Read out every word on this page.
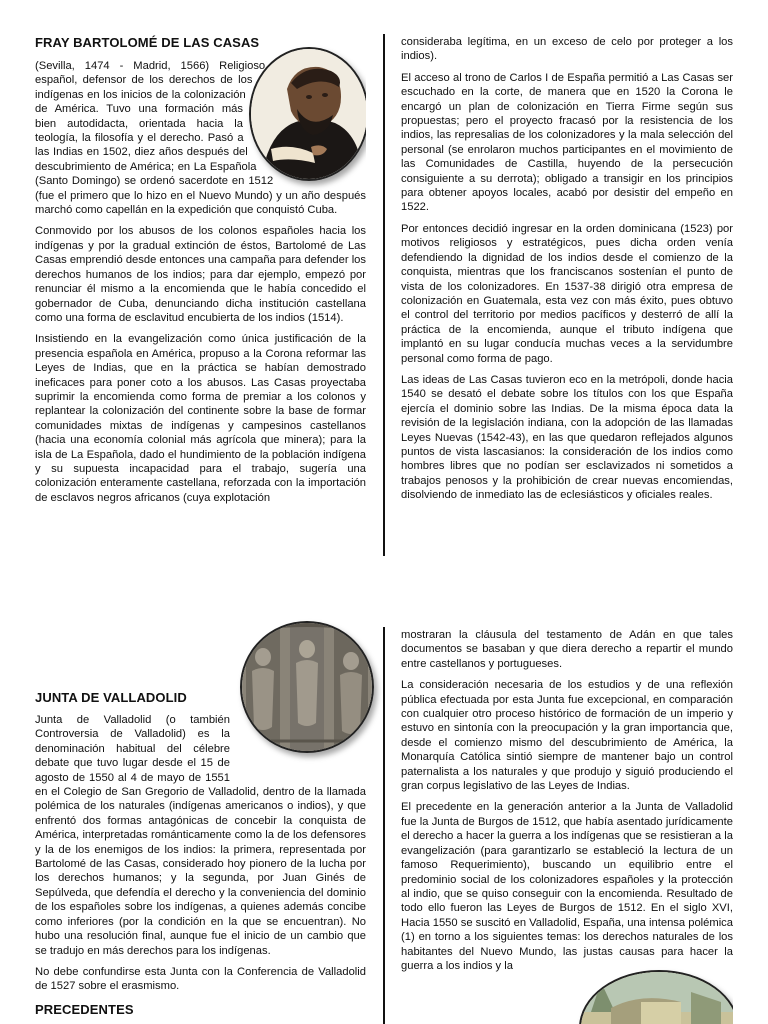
FRAY BARTOLOMÉ DE LAS CASAS

(Sevilla, 1474 - Madrid, 1566) Religioso español, defensor de los derechos de los indígenas en los inicios de la colonización de América. Tuvo una formación más bien autodidacta, orientada hacia la teología, la filosofía y el derecho. Pasó a las Indias en 1502, diez años después del descubrimiento de América; en La Española (Santo Domingo) se ordenó sacerdote en 1512 (fue el primero que lo hizo en el Nuevo Mundo) y un año después marchó como capellán en la expedición que conquistó Cuba.

Conmovido por los abusos de los colonos españoles hacia los indígenas y por la gradual extinción de éstos, Bartolomé de Las Casas emprendió desde entonces una campaña para defender los derechos humanos de los indios; para dar ejemplo, empezó por renunciar él mismo a la encomienda que le había concedido el gobernador de Cuba, denunciando dicha institución castellana como una forma de esclavitud encubierta de los indios (1514).

Insistiendo en la evangelización como única justificación de la presencia española en América, propuso a la Corona reformar las Leyes de Indias, que en la práctica se habían demostrado ineficaces para poner coto a los abusos. Las Casas proyectaba suprimir la encomienda como forma de premiar a los colonos y replantear la colonización del continente sobre la base de formar comunidades mixtas de indígenas y campesinos castellanos (hacia una economía colonial más agrícola que minera); para la isla de La Española, dado el hundimiento de la población indígena y su supuesta incapacidad para el trabajo, sugería una colonización enteramente castellana, reforzada con la importación de esclavos negros africanos (cuya explotación

consideraba legítima, en un exceso de celo por proteger a los indios).

El acceso al trono de Carlos I de España permitió a Las Casas ser escuchado en la corte, de manera que en 1520 la Corona le encargó un plan de colonización en Tierra Firme según sus propuestas; pero el proyecto fracasó por la resistencia de los indios, las represalias de los colonizadores y la mala selección del personal (se enrolaron muchos participantes en el movimiento de las Comunidades de Castilla, huyendo de la persecución consiguiente a su derrota); obligado a transigir en los principios para obtener apoyos locales, acabó por desistir del empeño en 1522.

Por entonces decidió ingresar en la orden dominicana (1523) por motivos religiosos y estratégicos, pues dicha orden venía defendiendo la dignidad de los indios desde el comienzo de la conquista, mientras que los franciscanos sostenían el punto de vista de los colonizadores. En 1537-38 dirigió otra empresa de colonización en Guatemala, esta vez con más éxito, pues obtuvo el control del territorio por medios pacíficos y desterró de allí la práctica de la encomienda, aunque el tributo indígena que implantó en su lugar conducía muchas veces a la servidumbre personal como forma de pago.

Las ideas de Las Casas tuvieron eco en la metrópoli, donde hacia 1540 se desató el debate sobre los títulos con los que España ejercía el dominio sobre las Indias. De la misma época data la revisión de la legislación indiana, con la adopción de las llamadas Leyes Nuevas (1542-43), en las que quedaron reflejados algunos puntos de vista lascasianos: la consideración de los indios como hombres libres que no podían ser esclavizados ni sometidos a trabajos penosos y la prohibición de crear nuevas encomiendas, disolviendo de inmediato las de eclesiásticos y oficiales reales.

JUNTA DE VALLADOLID

Junta de Valladolid (o también Controversia de Valladolid) es la denominación habitual del célebre debate que tuvo lugar desde el 15 de agosto de 1550 al 4 de mayo de 1551 en el Colegio de San Gregorio de Valladolid, dentro de la llamada polémica de los naturales (indígenas americanos o indios), y que enfrentó dos formas antagónicas de concebir la conquista de América, interpretadas románticamente como la de los defensores y la de los enemigos de los indios: la primera, representada por Bartolomé de las Casas, considerado hoy pionero de la lucha por los derechos humanos; y la segunda, por Juan Ginés de Sepúlveda, que defendía el derecho y la conveniencia del dominio de los españoles sobre los indígenas, a quienes además concibe como inferiores (por la condición en la que se encuentran). No hubo una resolución final, aunque fue el inicio de un cambio que se tradujo en más derechos para los indígenas.

No debe confundirse esta Junta con la Conferencia de Valladolid de 1527 sobre el erasmismo.

PRECEDENTES

mostraran la cláusula del testamento de Adán en que tales documentos se basaban y que diera derecho a repartir el mundo entre castellanos y portugueses.

La consideración necesaria de los estudios y de una reflexión pública efectuada por esta Junta fue excepcional, en comparación con cualquier otro proceso histórico de formación de un imperio y estuvo en sintonía con la preocupación y la gran importancia que, desde el comienzo mismo del descubrimiento de América, la Monarquía Católica sintió siempre de mantener bajo un control paternalista a los naturales y que produjo y siguió produciendo el gran corpus legislativo de las Leyes de Indias.

El precedente en la generación anterior a la Junta de Valladolid fue la Junta de Burgos de 1512, que había asentado jurídicamente el derecho a hacer la guerra a los indígenas que se resistieran a la evangelización (para garantizarlo se estableció la lectura de un famoso Requerimiento), buscando un equilibrio entre el predominio social de los colonizadores españoles y la protección al indio, que se quiso conseguir con la encomienda. Resultado de todo ello fueron las Leyes de Burgos de 1512. En el siglo XVI, Hacia 1550 se suscitó en Valladolid, España, una intensa polémica (1) en torno a los siguientes temas: los derechos naturales de los habitantes del Nuevo Mundo, las justas causas para hacer la guerra a los indios y la
